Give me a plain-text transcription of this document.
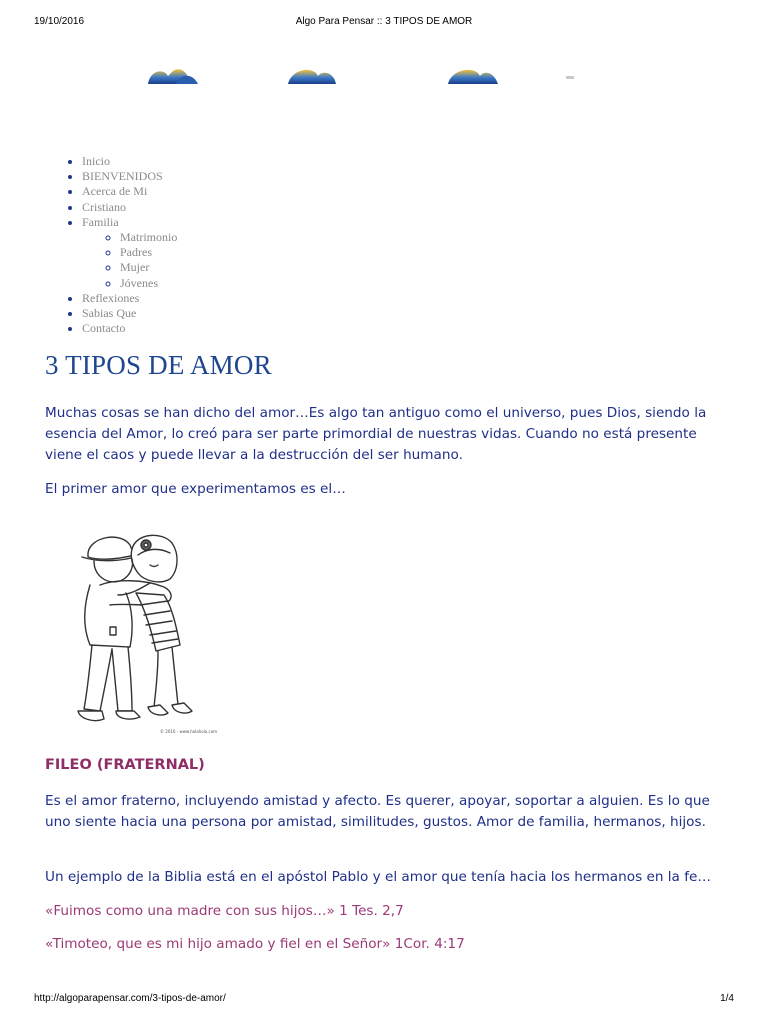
19/10/2016	Algo Para Pensar :: 3 TIPOS DE AMOR
• Inicio
• BIENVENIDOS
• Acerca de Mi
• Cristiano
• Familia
◦ Matrimonio
◦ Padres
◦ Mujer
◦ Jóvenes
• Reflexiones
• Sabias Que
• Contacto
3 TIPOS DE AMOR

Muchas cosas se han dicho del amor…Es algo tan antiguo como el universo, pues Dios, siendo la esencia del Amor, lo creó para ser parte primordial de nuestras vidas. Cuando no está presente viene el caos y puede llevar a la destrucción del ser humano.

El primer amor que experimentamos es el…

© 2010 - www.holahola.com
FILEO (FRATERNAL)

Es el amor fraterno, incluyendo amistad y afecto. Es querer, apoyar, soportar a alguien. Es lo que uno siente hacia una persona por amistad, similitudes, gustos. Amor de familia, hermanos, hijos.

Un ejemplo de la Biblia está en el apóstol Pablo y el amor que tenía hacia los hermanos en la fe…

«Fuimos como una madre con sus hijos…» 1 Tes. 2,7

«Timoteo, que es mi hijo amado y fiel en el Señor» 1Cor. 4:17

http://algoparapensar.com/3-tipos-de-amor/	1/4
